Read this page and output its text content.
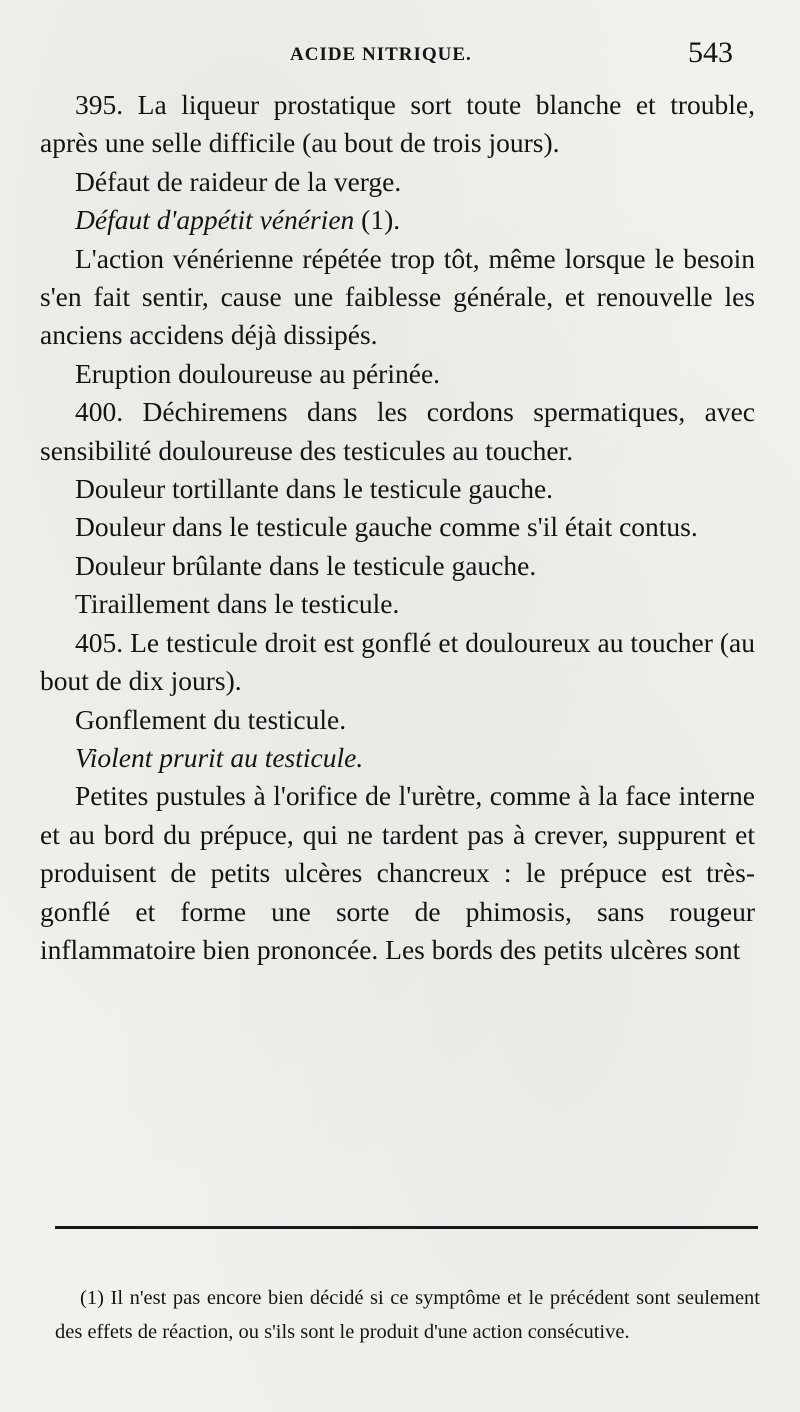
ACIDE NITRIQUE.	543

395. La liqueur prostatique sort toute blanche et trouble, après une selle difficile (au bout de trois jours).

Défaut de raideur de la verge.

Défaut d'appétit vénérien (1).

L'action vénérienne répétée trop tôt, même lorsque le besoin s'en fait sentir, cause une faiblesse générale, et renouvelle les anciens accidens déjà dissipés.

Eruption douloureuse au périnée.

400. Déchiremens dans les cordons spermatiques, avec sensibilité douloureuse des testicules au toucher.

Douleur tortillante dans le testicule gauche.

Douleur dans le testicule gauche comme s'il était contus.

Douleur brûlante dans le testicule gauche.

Tiraillement dans le testicule.

405. Le testicule droit est gonflé et douloureux au toucher (au bout de dix jours).

Gonflement du testicule.

Violent prurit au testicule.

Petites pustules à l'orifice de l'urètre, comme à la face interne et au bord du prépuce, qui ne tardent pas à crever, suppurent et produisent de petits ulcères chancreux : le prépuce est très-gonflé et forme une sorte de phimosis, sans rougeur inflammatoire bien prononcée. Les bords des petits ulcères sont

(1) Il n'est pas encore bien décidé si ce symptôme et le précédent sont seulement des effets de réaction, ou s'ils sont le produit d'une action consécutive.
